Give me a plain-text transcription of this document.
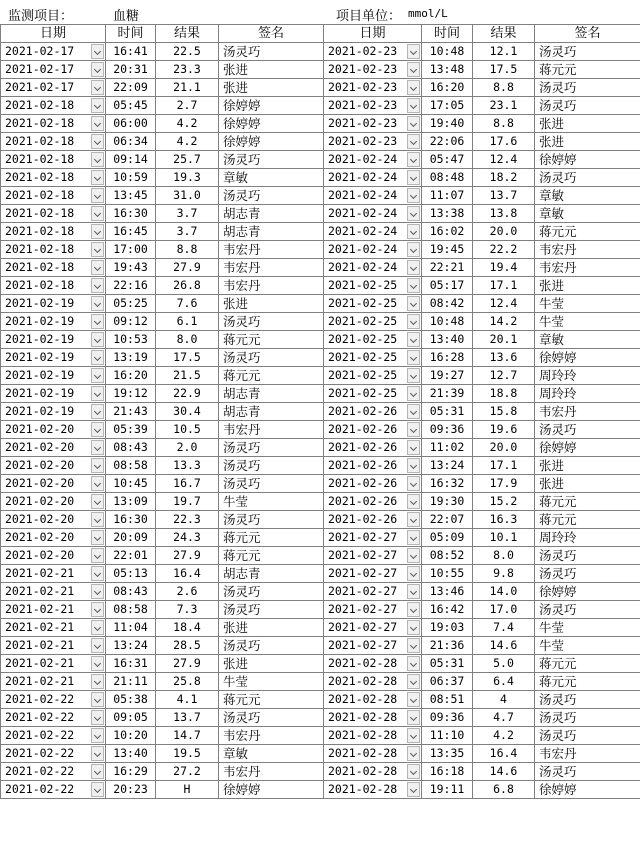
监测项目：	血糖	项目单位： mmol/L
日期	时间	结果	签名	日期	时间	结果	签名
2021-02-17	16:41	22.5	汤灵巧	2021-02-23	10:48	12.1	汤灵巧
2021-02-17	20:31	23.3	张进	2021-02-23	13:48	17.5	蒋元元
2021-02-17	22:09	21.1	张进	2021-02-23	16:20	8.8	汤灵巧
2021-02-18	05:45	2.7	徐婷婷	2021-02-23	17:05	23.1	汤灵巧
2021-02-18	06:00	4.2	徐婷婷	2021-02-23	19:40	8.8	张进
2021-02-18	06:34	4.2	徐婷婷	2021-02-23	22:06	17.6	张进
2021-02-18	09:14	25.7	汤灵巧	2021-02-24	05:47	12.4	徐婷婷
2021-02-18	10:59	19.3	章敏	2021-02-24	08:48	18.2	汤灵巧
2021-02-18	13:45	31.0	汤灵巧	2021-02-24	11:07	13.7	章敏
2021-02-18	16:30	3.7	胡志青	2021-02-24	13:38	13.8	章敏
2021-02-18	16:45	3.7	胡志青	2021-02-24	16:02	20.0	蒋元元
2021-02-18	17:00	8.8	韦宏丹	2021-02-24	19:45	22.2	韦宏丹
2021-02-18	19:43	27.9	韦宏丹	2021-02-24	22:21	19.4	韦宏丹
2021-02-18	22:16	26.8	韦宏丹	2021-02-25	05:17	17.1	张进
2021-02-19	05:25	7.6	张进	2021-02-25	08:42	12.4	牛莹
2021-02-19	09:12	6.1	汤灵巧	2021-02-25	10:48	14.2	牛莹
2021-02-19	10:53	8.0	蒋元元	2021-02-25	13:40	20.1	章敏
2021-02-19	13:19	17.5	汤灵巧	2021-02-25	16:28	13.6	徐婷婷
2021-02-19	16:20	21.5	蒋元元	2021-02-25	19:27	12.7	周玲玲
2021-02-19	19:12	22.9	胡志青	2021-02-25	21:39	18.8	周玲玲
2021-02-19	21:43	30.4	胡志青	2021-02-26	05:31	15.8	韦宏丹
2021-02-20	05:39	10.5	韦宏丹	2021-02-26	09:36	19.6	汤灵巧
2021-02-20	08:43	2.0	汤灵巧	2021-02-26	11:02	20.0	徐婷婷
2021-02-20	08:58	13.3	汤灵巧	2021-02-26	13:24	17.1	张进
2021-02-20	10:45	16.7	汤灵巧	2021-02-26	16:32	17.9	张进
2021-02-20	13:09	19.7	牛莹	2021-02-26	19:30	15.2	蒋元元
2021-02-20	16:30	22.3	汤灵巧	2021-02-26	22:07	16.3	蒋元元
2021-02-20	20:09	24.3	蒋元元	2021-02-27	05:09	10.1	周玲玲
2021-02-20	22:01	27.9	蒋元元	2021-02-27	08:52	8.0	汤灵巧
2021-02-21	05:13	16.4	胡志青	2021-02-27	10:55	9.8	汤灵巧
2021-02-21	08:43	2.6	汤灵巧	2021-02-27	13:46	14.0	徐婷婷
2021-02-21	08:58	7.3	汤灵巧	2021-02-27	16:42	17.0	汤灵巧
2021-02-21	11:04	18.4	张进	2021-02-27	19:03	7.4	牛莹
2021-02-21	13:24	28.5	汤灵巧	2021-02-27	21:36	14.6	牛莹
2021-02-21	16:31	27.9	张进	2021-02-28	05:31	5.0	蒋元元
2021-02-21	21:11	25.8	牛莹	2021-02-28	06:37	6.4	蒋元元
2021-02-22	05:38	4.1	蒋元元	2021-02-28	08:51	4	汤灵巧
2021-02-22	09:05	13.7	汤灵巧	2021-02-28	09:36	4.7	汤灵巧
2021-02-22	10:20	14.7	韦宏丹	2021-02-28	11:10	4.2	汤灵巧
2021-02-22	13:40	19.5	章敏	2021-02-28	13:35	16.4	韦宏丹
2021-02-22	16:29	27.2	韦宏丹	2021-02-28	16:18	14.6	汤灵巧
2021-02-22	20:23	H	徐婷婷	2021-02-28	19:11	6.8	徐婷婷
